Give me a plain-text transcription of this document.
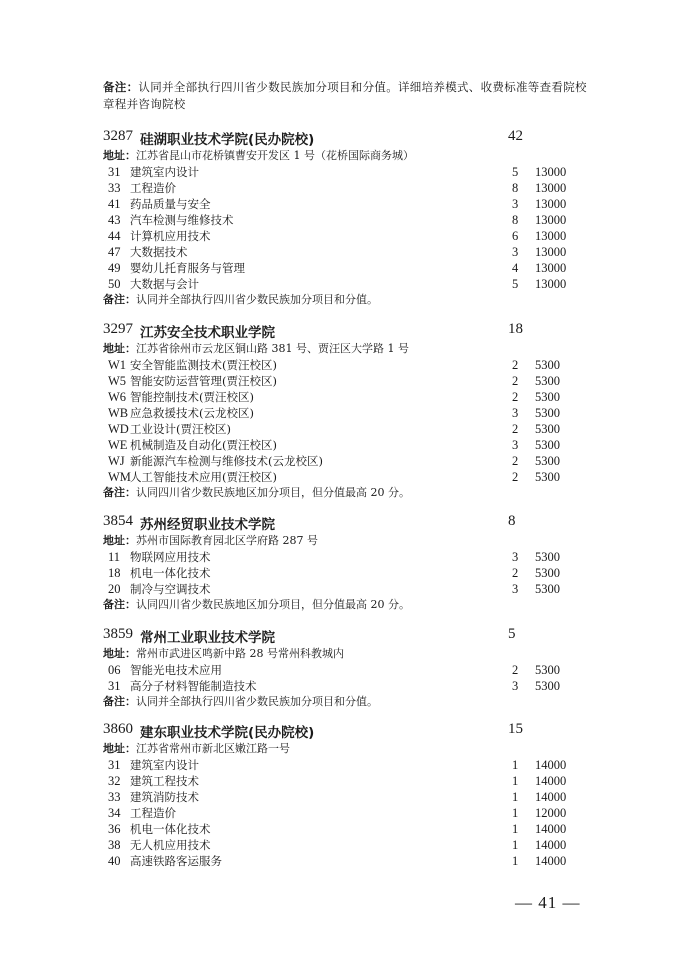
备注：认同并全部执行四川省少数民族加分项目和分值。详细培养模式、收费标准等查看院校章程并咨询院校
3287 硅湖职业技术学院(民办院校)	42
地址：江苏省昆山市花桥镇曹安开发区 1 号（花桥国际商务城）
31 建筑室内设计	5 13000
33 工程造价	8 13000
41 药品质量与安全	3 13000
43 汽车检测与维修技术	8 13000
44 计算机应用技术	6 13000
47 大数据技术	3 13000
49 婴幼儿托育服务与管理	4 13000
50 大数据与会计	5 13000
备注：认同并全部执行四川省少数民族加分项目和分值。
3297 江苏安全技术职业学院	18
地址：江苏省徐州市云龙区铜山路 381 号、贾汪区大学路 1 号
W1 安全智能监测技术(贾汪校区)	2 5300
W5 智能安防运营管理(贾汪校区)	2 5300
W6 智能控制技术(贾汪校区)	2 5300
WB 应急救援技术(云龙校区)	3 5300
WD 工业设计(贾汪校区)	2 5300
WE 机械制造及自动化(贾汪校区)	3 5300
WJ 新能源汽车检测与维修技术(云龙校区)	2 5300
WM 人工智能技术应用(贾汪校区)	2 5300
备注：认同四川省少数民族地区加分项目，但分值最高 20 分。
3854 苏州经贸职业技术学院	8
地址：苏州市国际教育园北区学府路 287 号
11 物联网应用技术	3 5300
18 机电一体化技术	2 5300
20 制冷与空调技术	3 5300
备注：认同四川省少数民族地区加分项目，但分值最高 20 分。
3859 常州工业职业技术学院	5
地址：常州市武进区鸣新中路 28 号常州科教城内
06 智能光电技术应用	2 5300
31 高分子材料智能制造技术	3 5300
备注：认同并全部执行四川省少数民族加分项目和分值。
3860 建东职业技术学院(民办院校)	15
地址：江苏省常州市新北区嫩江路一号
31 建筑室内设计	1 14000
32 建筑工程技术	1 14000
33 建筑消防技术	1 14000
34 工程造价	1 12000
36 机电一体化技术	1 14000
38 无人机应用技术	1 14000
40 高速铁路客运服务	1 14000
— 41 —
